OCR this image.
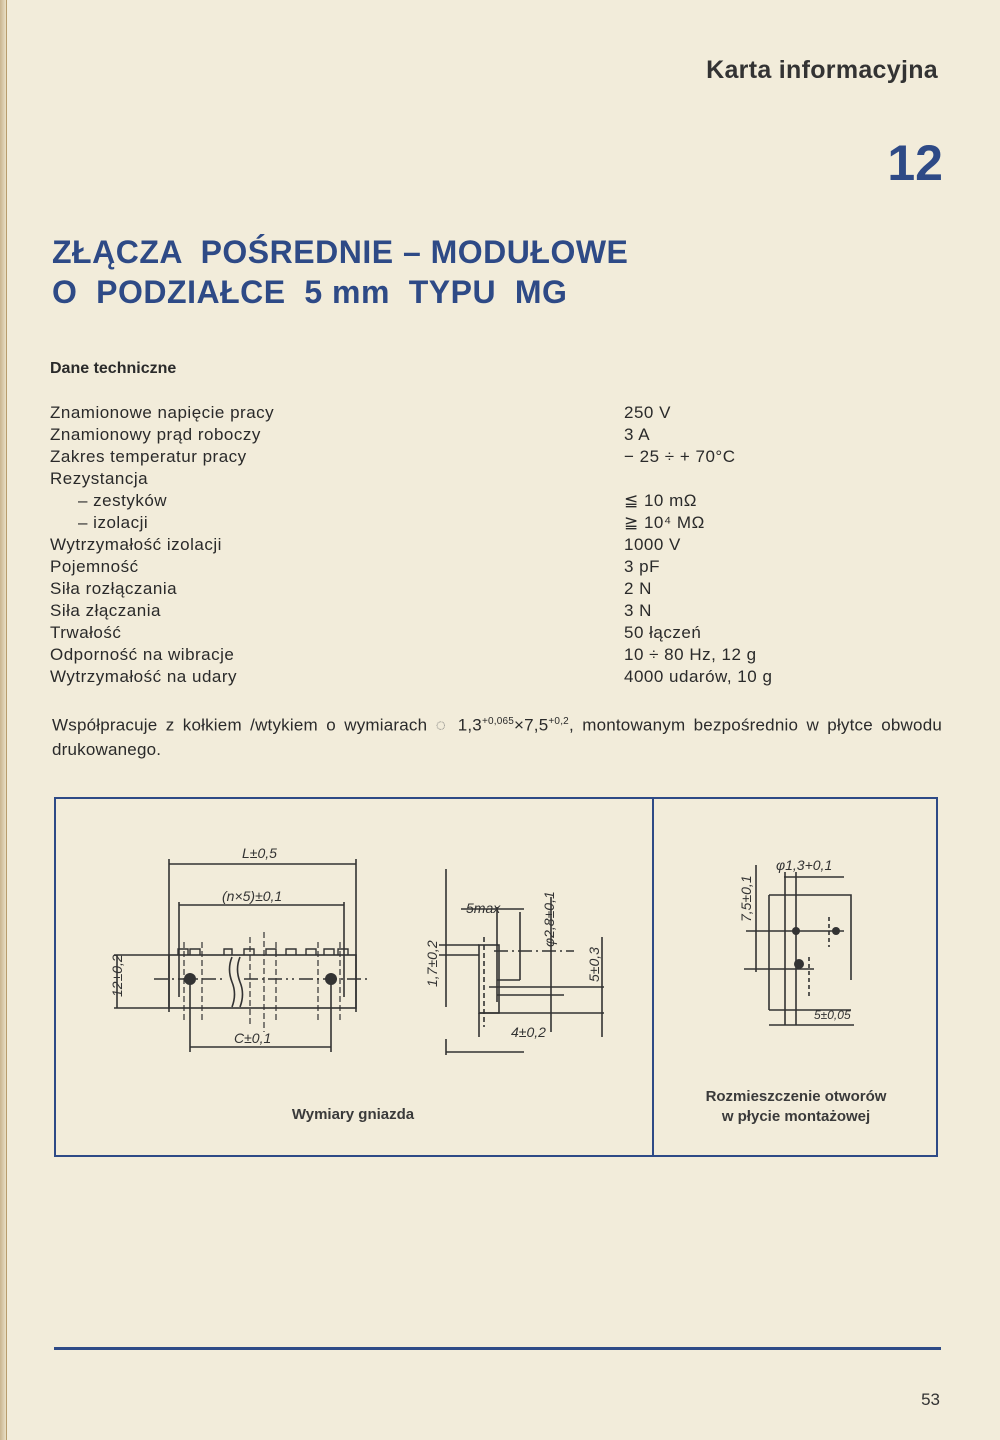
Karta informacyjna
12
ZŁĄCZA  POŚREDNIE – MODUŁOWE
O  PODZIAŁCE  5 mm  TYPU  MG
Dane techniczne
Znamionowe napięcie pracy	250 V
Znamionowy prąd roboczy	3 A
Zakres temperatur pracy	− 25 ÷ + 70°C
Rezystancja
– zestyków	≦ 10 mΩ
– izolacji	≧ 10⁴ MΩ
Wytrzymałość izolacji	1000 V
Pojemność	3 pF
Siła rozłączania	2 N
Siła złączania	3 N
Trwałość	50 łączeń
Odporność na wibracje	10 ÷ 80 Hz, 12 g
Wytrzymałość na udary	4000 udarów, 10 g
Współpracuje z kołkiem /wtykiem o wymiarach ◌ $1,3^{+0,065}\times 7,5^{+0,2}$, montowanym bezpośrednio w płytce obwodu drukowanego.
L±0,5
(n×5)±0,1
12±0,2
C±0,1
5max	φ2,8±0,1
1,7±0,2	5±0,3
4±0,2
φ1,3+0,1
7,5±0,1
5±0,05
Wymiary gniazda
Rozmieszczenie otworów
w płycie montażowej
53
